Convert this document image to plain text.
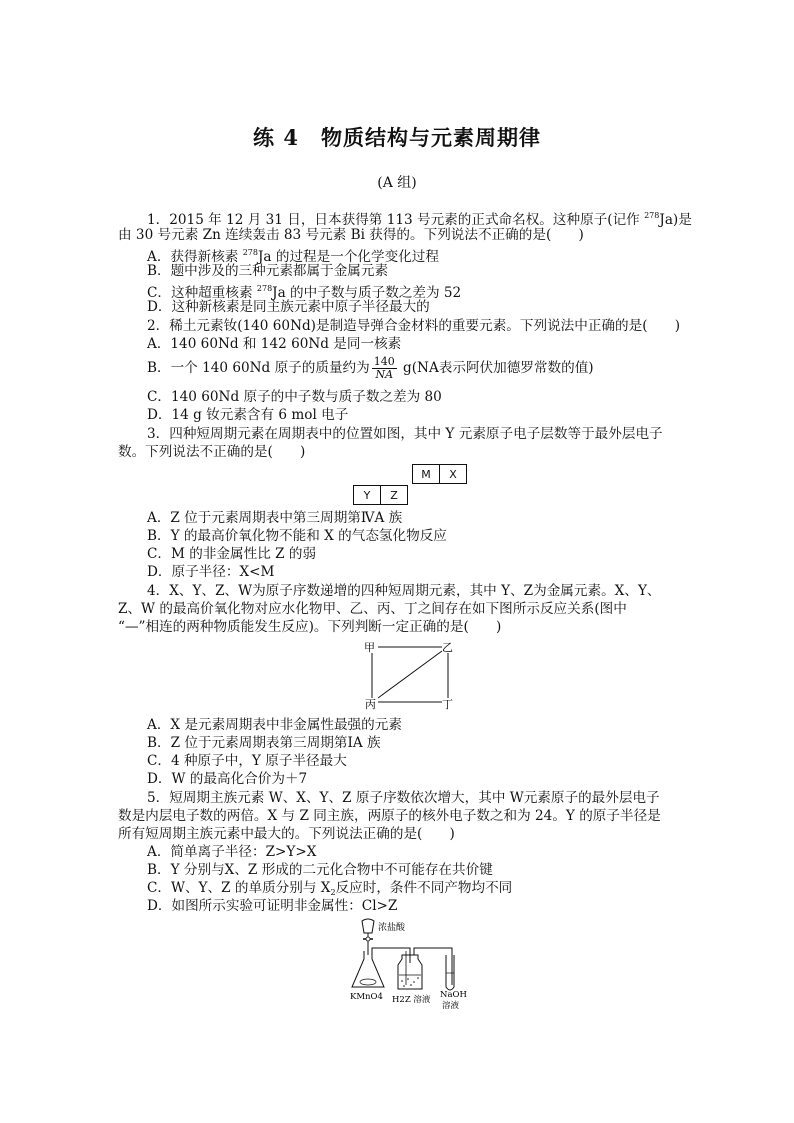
练 4　物质结构与元素周期律
(A 组)
1．2015 年 12 月 31 日，日本获得第 113 号元素的正式命名权。这种原子(记作 $^{278}$Ja)是
由 30 号元素 Zn 连续轰击 83 号元素 Bi 获得的。下列说法不正确的是(　　)
A．获得新核素 $^{278}$Ja 的过程是一个化学变化过程
B．题中涉及的三种元素都属于金属元素
C．这种超重核素 $^{278}$Ja 的中子数与质子数之差为 52
D．这种新核素是同主族元素中原子半径最大的
2．稀土元素钕(140 60Nd)是制造导弹合金材料的重要元素。下列说法中正确的是(　　)
A．140 60Nd 和 142 60Nd 是同一核素
B．一个 140 60Nd 原子的质量约为 $\frac{140}{NA} g(NA$表示阿伏加德罗常数的值)
C．140 60Nd 原子的中子数与质子数之差为 80
D．14 g 钕元素含有 6 mol 电子
3．四种短周期元素在周期表中的位置如图，其中 Y 元素原子电子层数等于最外层电子
数。下列说法不正确的是(　　)
M	X
Y	Z
A．Z 位于元素周期表中第三周期第ⅣA 族
B．Y 的最高价氧化物不能和 X 的气态氢化物反应
C．M 的非金属性比 Z 的弱
D．原子半径：X<M
4．X、Y、Z、W为原子序数递增的四种短周期元素，其中 Y、Z为金属元素。X、Y、
Z、W 的最高价氧化物对应水化物甲、乙、丙、丁之间存在如下图所示反应关系(图中
“—”相连的两种物质能发生反应)。下列判断一定正确的是(　　)
甲	乙
丙	丁
A．X 是元素周期表中非金属性最强的元素
B．Z 位于元素周期表第三周期第ⅠA 族
C．4 种原子中，Y 原子半径最大
D．W 的最高化合价为＋7
5．短周期主族元素 W、X、Y、Z 原子序数依次增大，其中 W元素原子的最外层电子
数是内层电子数的两倍。X 与 Z 同主族，两原子的核外电子数之和为 24。Y 的原子半径是
所有短周期主族元素中最大的。下列说法正确的是(　　)
A．简单离子半径：Z>Y>X
B．Y 分别与X、Z 形成的二元化合物中不可能存在共价键
C．W、Y、Z 的单质分别与 $X_2$反应时，条件不同产物均不同
D．如图所示实验可证明非金属性：Cl>Z
浓盐酸
KMnO4 H2Z 溶液 NaOH
溶液
